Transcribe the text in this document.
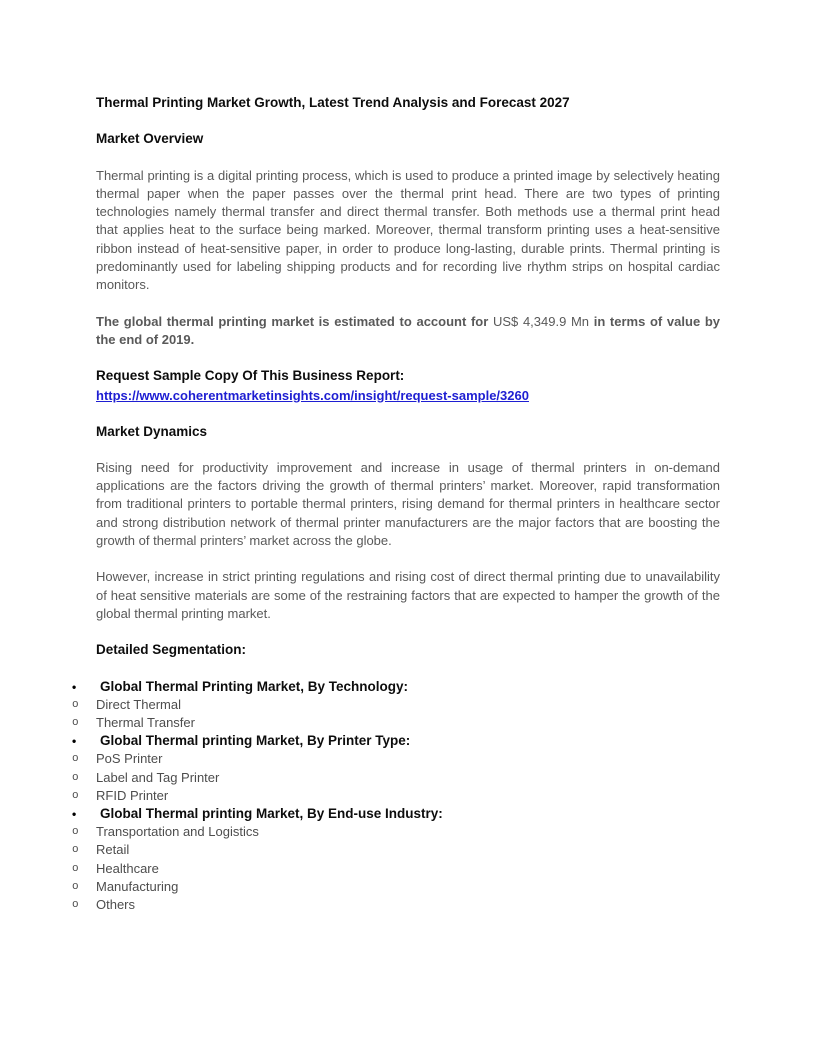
Thermal Printing Market Growth, Latest Trend Analysis and Forecast 2027
Market Overview

Thermal printing is a digital printing process, which is used to produce a printed image by selectively heating thermal paper when the paper passes over the thermal print head. There are two types of printing technologies namely thermal transfer and direct thermal transfer. Both methods use a thermal print head that applies heat to the surface being marked. Moreover, thermal transform printing uses a heat-sensitive ribbon instead of heat-sensitive paper, in order to produce long-lasting, durable prints. Thermal printing is predominantly used for labeling shipping products and for recording live rhythm strips on hospital cardiac monitors.

The global thermal printing market is estimated to account for US$ 4,349.9 Mn in terms of value by the end of 2019.

Request Sample Copy Of This Business Report:
https://www.coherentmarketinsights.com/insight/request-sample/3260
Market Dynamics

Rising need for productivity improvement and increase in usage of thermal printers in on-demand applications are the factors driving the growth of thermal printers’ market. Moreover, rapid transformation from traditional printers to portable thermal printers, rising demand for thermal printers in healthcare sector and strong distribution network of thermal printer manufacturers are the major factors that are boosting the growth of thermal printers’ market across the globe.

However, increase in strict printing regulations and rising cost of direct thermal printing due to unavailability of heat sensitive materials are some of the restraining factors that are expected to hamper the growth of the global thermal printing market.

Detailed Segmentation:
•	Global Thermal Printing Market, By Technology:
o	Direct Thermal
o	Thermal Transfer
•	Global Thermal printing Market, By Printer Type:
o	PoS Printer
o	Label and Tag Printer
o	RFID Printer
•	Global Thermal printing Market, By End-use Industry:
o	Transportation and Logistics
o	Retail
o	Healthcare
o	Manufacturing
o	Others
